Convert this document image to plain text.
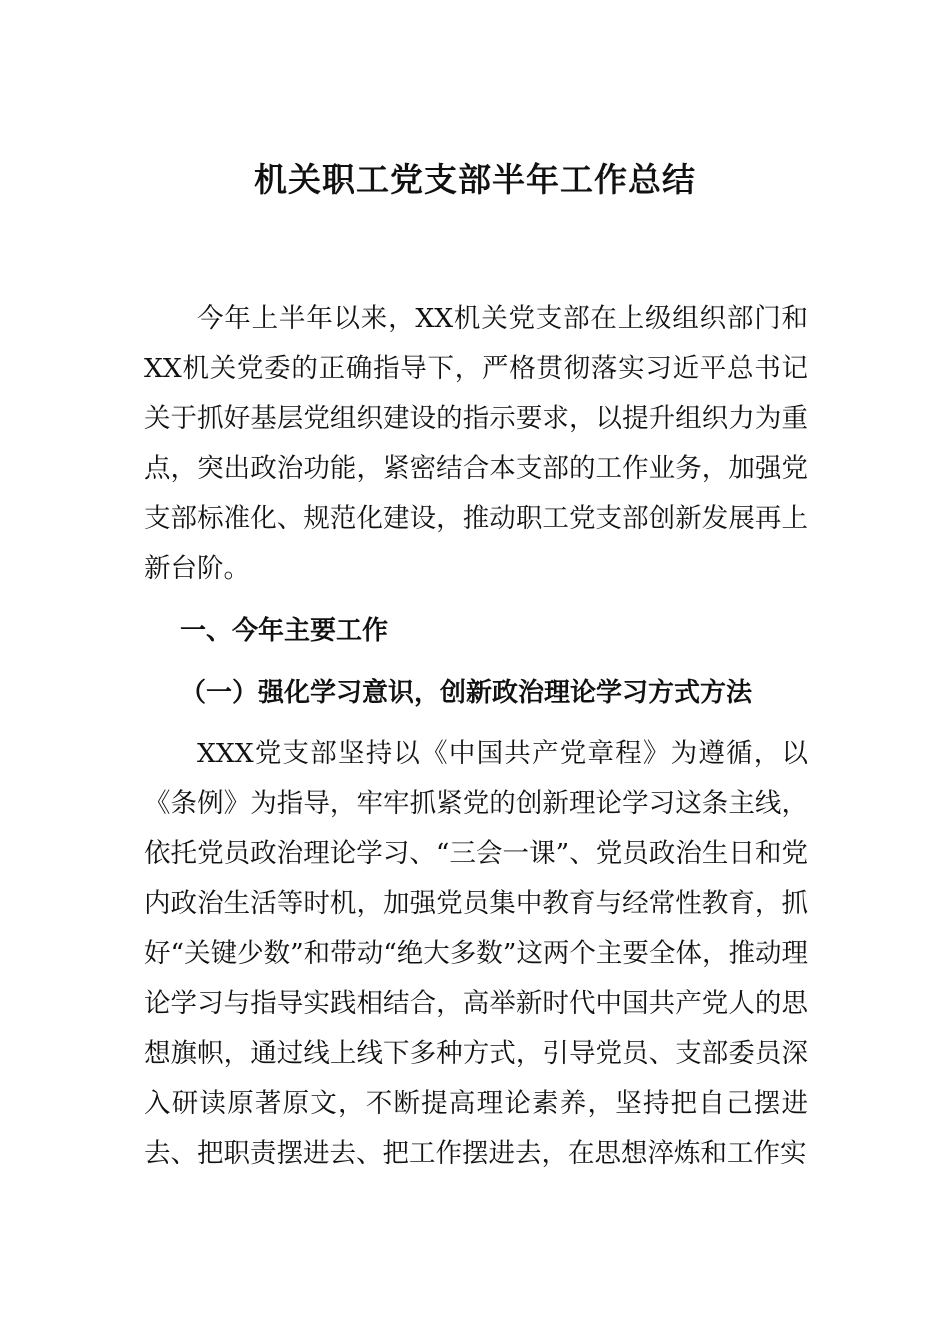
机关职工党支部半年工作总结

今年上半年以来，XX机关党支部在上级组织部门和XX机关党委的正确指导下，严格贯彻落实习近平总书记关于抓好基层党组织建设的指示要求，以提升组织力为重点，突出政治功能，紧密结合本支部的工作业务，加强党支部标准化、规范化建设，推动职工党支部创新发展再上新台阶。

一、今年主要工作
（一）强化学习意识，创新政治理论学习方式方法

XXX党支部坚持以《中国共产党章程》为遵循，以《条例》为指导，牢牢抓紧党的创新理论学习这条主线，依托党员政治理论学习、“三会一课”、党员政治生日和党内政治生活等时机，加强党员集中教育与经常性教育，抓好“关键少数”和带动“绝大多数”这两个主要全体，推动理论学习与指导实践相结合，高举新时代中国共产党人的思想旗帜，通过线上线下多种方式，引导党员、支部委员深入研读原著原文，不断提高理论素养，坚持把自己摆进去、把职责摆进去、把工作摆进去，在思想淬炼和工作实
